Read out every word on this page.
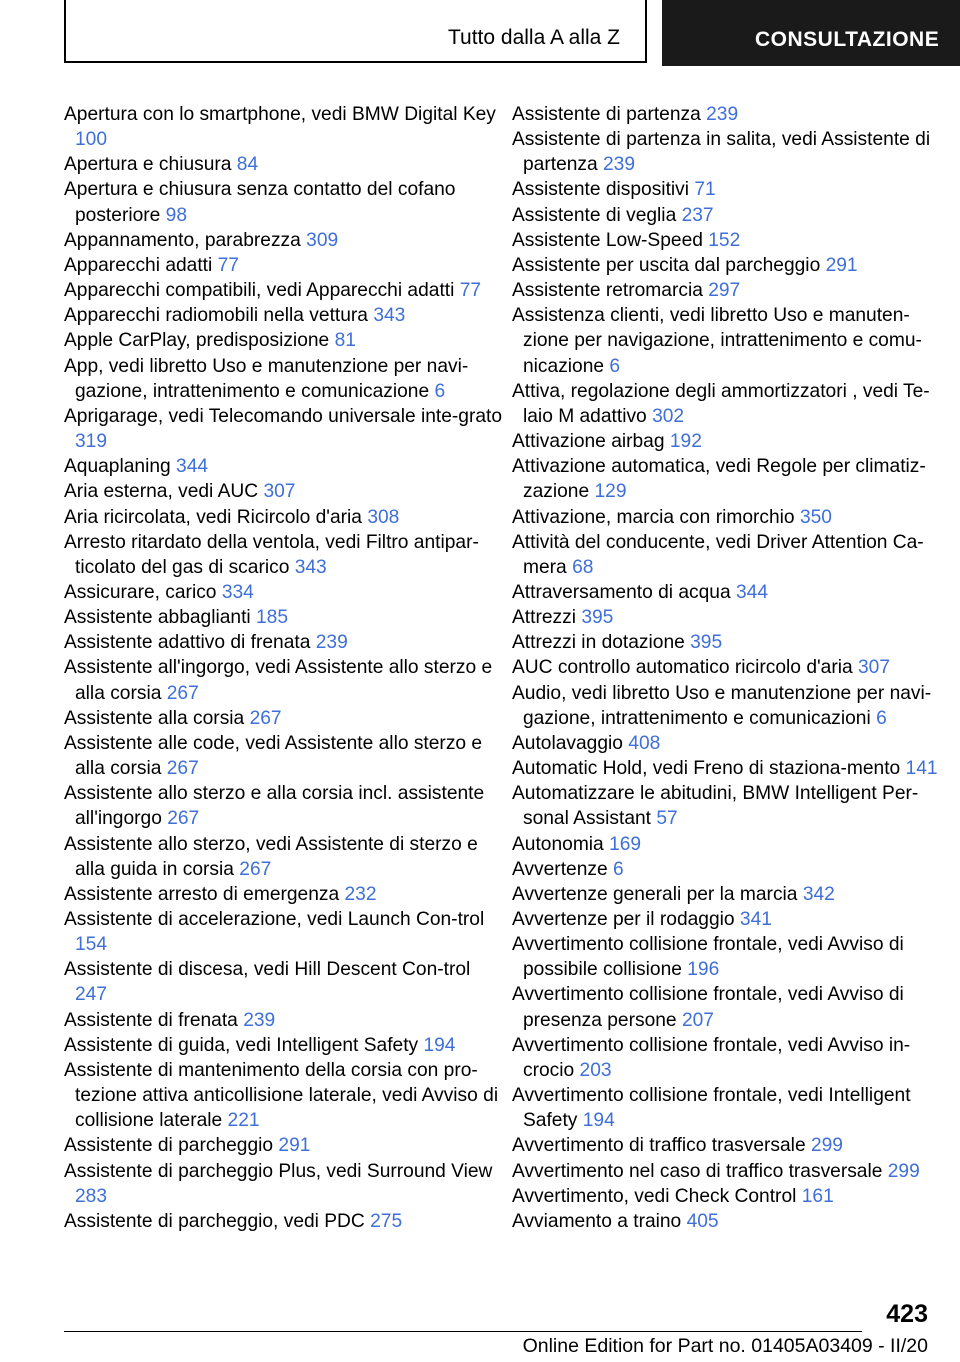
Tutto dalla A alla Z	CONSULTAZIONE
Apertura con lo smartphone, vedi BMW Digital Key 100
Apertura e chiusura 84
Apertura e chiusura senza contatto del cofano posteriore 98
Appannamento, parabrezza 309
Apparecchi adatti 77
Apparecchi compatibili, vedi Apparecchi adatti 77
Apparecchi radiomobili nella vettura 343
Apple CarPlay, predisposizione 81
App, vedi libretto Uso e manutenzione per navi-gazione, intrattenimento e comunicazione 6
Aprigarage, vedi Telecomando universale inte-grato 319
Aquaplaning 344
Aria esterna, vedi AUC 307
Aria ricircolata, vedi Ricircolo d'aria 308
Arresto ritardato della ventola, vedi Filtro antipar-ticolato del gas di scarico 343
Assicurare, carico 334
Assistente abbaglianti 185
Assistente adattivo di frenata 239
Assistente all'ingorgo, vedi Assistente allo sterzo e alla corsia 267
Assistente alla corsia 267
Assistente alle code, vedi Assistente allo sterzo e alla corsia 267
Assistente allo sterzo e alla corsia incl. assistente all'ingorgo 267
Assistente allo sterzo, vedi Assistente di sterzo e alla guida in corsia 267
Assistente arresto di emergenza 232
Assistente di accelerazione, vedi Launch Con-trol 154
Assistente di discesa, vedi Hill Descent Con-trol 247
Assistente di frenata 239
Assistente di guida, vedi Intelligent Safety 194
Assistente di mantenimento della corsia con pro-tezione attiva anticollisione laterale, vedi Avviso di collisione laterale 221
Assistente di parcheggio 291
Assistente di parcheggio Plus, vedi Surround View 283
Assistente di parcheggio, vedi PDC 275
Assistente di partenza 239
Assistente di partenza in salita, vedi Assistente di partenza 239
Assistente dispositivi 71
Assistente di veglia 237
Assistente Low-Speed 152
Assistente per uscita dal parcheggio 291
Assistente retromarcia 297
Assistenza clienti, vedi libretto Uso e manuten-zione per navigazione, intrattenimento e comu-nicazione 6
Attiva, regolazione degli ammortizzatori , vedi Te-laio M adattivo 302
Attivazione airbag 192
Attivazione automatica, vedi Regole per climatiz-zazione 129
Attivazione, marcia con rimorchio 350
Attività del conducente, vedi Driver Attention Ca-mera 68
Attraversamento di acqua 344
Attrezzi 395
Attrezzi in dotazione 395
AUC controllo automatico ricircolo d'aria 307
Audio, vedi libretto Uso e manutenzione per navi-gazione, intrattenimento e comunicazioni 6
Autolavaggio 408
Automatic Hold, vedi Freno di staziona-mento 141
Automatizzare le abitudini, BMW Intelligent Per-sonal Assistant 57
Autonomia 169
Avvertenze 6
Avvertenze generali per la marcia 342
Avvertenze per il rodaggio 341
Avvertimento collisione frontale, vedi Avviso di possibile collisione 196
Avvertimento collisione frontale, vedi Avviso di presenza persone 207
Avvertimento collisione frontale, vedi Avviso in-crocio 203
Avvertimento collisione frontale, vedi Intelligent Safety 194
Avvertimento di traffico trasversale 299
Avvertimento nel caso di traffico trasversale 299
Avvertimento, vedi Check Control 161
Avviamento a traino 405
423
Online Edition for Part no. 01405A03409 - II/20
